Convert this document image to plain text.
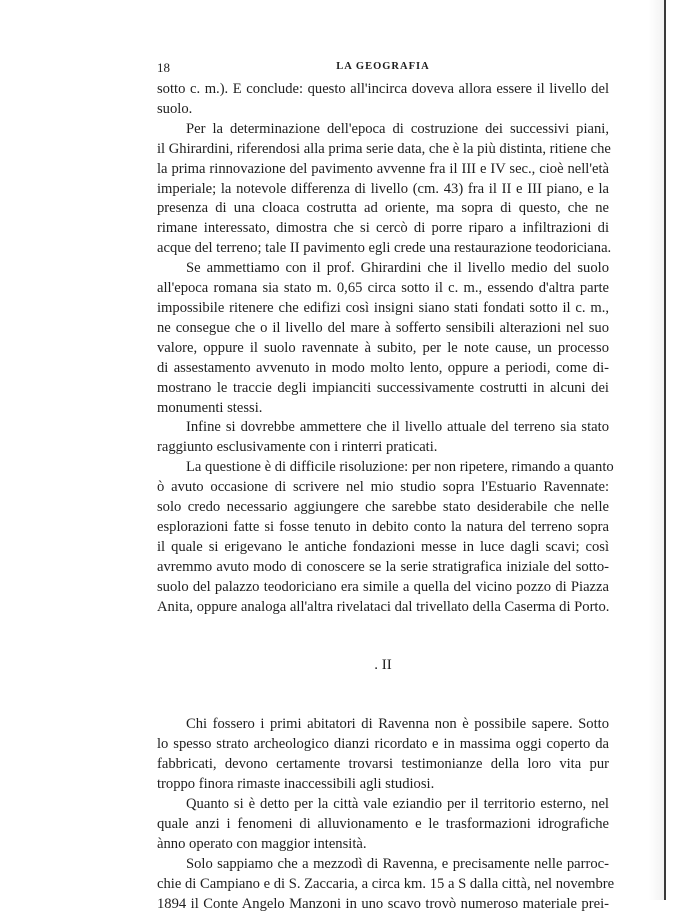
18	LA GEOGRAFIA
sotto c. m.). E conclude: questo all'incirca doveva allora essere il livello del
suolo.
Per la determinazione dell'epoca di costruzione dei successivi piani,
il Ghirardini, riferendosi alla prima serie data, che è la più distinta, ritiene che
la prima rinnovazione del pavimento avvenne fra il III e IV sec., cioè nell'età
imperiale; la notevole differenza di livello (cm. 43) fra il II e III piano, e la
presenza di una cloaca costrutta ad oriente, ma sopra di questo, che ne
rimane interessato, dimostra che si cercò di porre riparo a infiltrazioni di
acque del terreno; tale II pavimento egli crede una restaurazione teodoriciana.
Se ammettiamo con il prof. Ghirardini che il livello medio del suolo
all'epoca romana sia stato m. 0,65 circa sotto il c. m., essendo d'altra parte
impossibile ritenere che edifizi così insigni siano stati fondati sotto il c. m.,
ne consegue che o il livello del mare à sofferto sensibili alterazioni nel suo
valore, oppure il suolo ravennate à subito, per le note cause, un processo
di assestamento avvenuto in modo molto lento, oppure a periodi, come di-
mostrano le traccie degli impianciti successivamente costrutti in alcuni dei
monumenti stessi.
Infine si dovrebbe ammettere che il livello attuale del terreno sia stato
raggiunto esclusivamente con i rinterri praticati.
La questione è di difficile risoluzione: per non ripetere, rimando a quanto
ò avuto occasione di scrivere nel mio studio sopra l'Estuario Ravennate:
solo credo necessario aggiungere che sarebbe stato desiderabile che nelle
esplorazioni fatte si fosse tenuto in debito conto la natura del terreno sopra
il quale si erigevano le antiche fondazioni messe in luce dagli scavi; così
avremmo avuto modo di conoscere se la serie stratigrafica iniziale del sotto-
suolo del palazzo teodoriciano era simile a quella del vicino pozzo di Piazza
Anita, oppure analoga all'altra rivelataci dal trivellato della Caserma di Porto.
. II
Chi fossero i primi abitatori di Ravenna non è possibile sapere. Sotto
lo spesso strato archeologico dianzi ricordato e in massima oggi coperto da
fabbricati, devono certamente trovarsi testimonianze della loro vita pur
troppo finora rimaste inaccessibili agli studiosi.
Quanto si è detto per la città vale eziandio per il territorio esterno, nel
quale anzi i fenomeni di alluvionamento e le trasformazioni idrografiche
ànno operato con maggior intensità.
Solo sappiamo che a mezzodì di Ravenna, e precisamente nelle parroc-
chie di Campiano e di S. Zaccaria, a circa km. 15 a S dalla città, nel novembre
1894 il Conte Angelo Manzoni in uno scavo trovò numeroso materiale prei-
